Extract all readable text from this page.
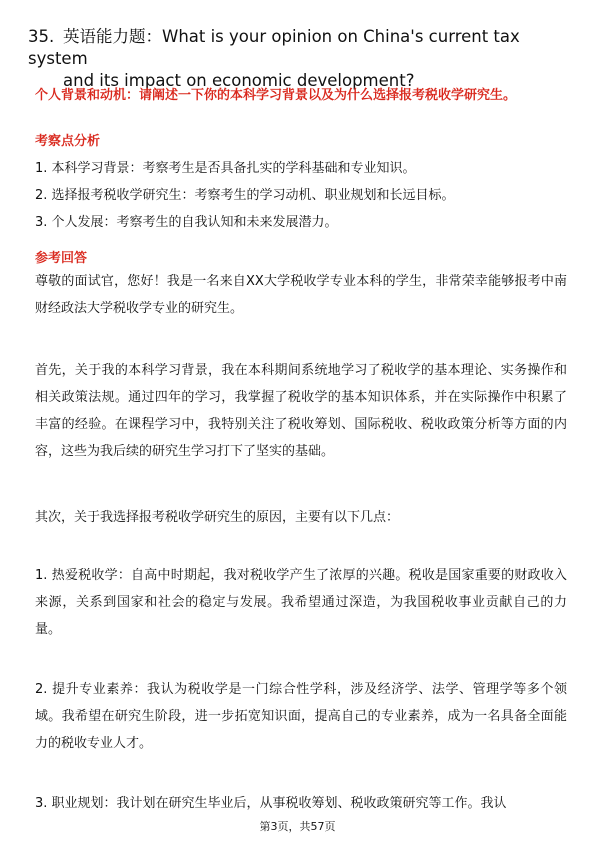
35. 英语能力题：What is your opinion on China's current tax system
and its impact on economic development?
个人背景和动机：请阐述一下你的本科学习背景以及为什么选择报考税收学研究生。
考察点分析
1. 本科学习背景：考察考生是否具备扎实的学科基础和专业知识。
2. 选择报考税收学研究生：考察考生的学习动机、职业规划和长远目标。
3. 个人发展：考察考生的自我认知和未来发展潜力。
参考回答
尊敬的面试官，您好！我是一名来自XX大学税收学专业本科的学生，非常荣幸能够报考中南财经政法大学税收学专业的研究生。
首先，关于我的本科学习背景，我在本科期间系统地学习了税收学的基本理论、实务操作和相关政策法规。通过四年的学习，我掌握了税收学的基本知识体系，并在实际操作中积累了丰富的经验。在课程学习中，我特别关注了税收筹划、国际税收、税收政策分析等方面的内容，这些为我后续的研究生学习打下了坚实的基础。
其次，关于我选择报考税收学研究生的原因，主要有以下几点：
1. 热爱税收学：自高中时期起，我对税收学产生了浓厚的兴趣。税收是国家重要的财政收入来源，关系到国家和社会的稳定与发展。我希望通过深造，为我国税收事业贡献自己的力量。
2. 提升专业素养：我认为税收学是一门综合性学科，涉及经济学、法学、管理学等多个领域。我希望在研究生阶段，进一步拓宽知识面，提高自己的专业素养，成为一名具备全面能力的税收专业人才。
3. 职业规划：我计划在研究生毕业后，从事税收筹划、税收政策研究等工作。我认
第3页，共57页
